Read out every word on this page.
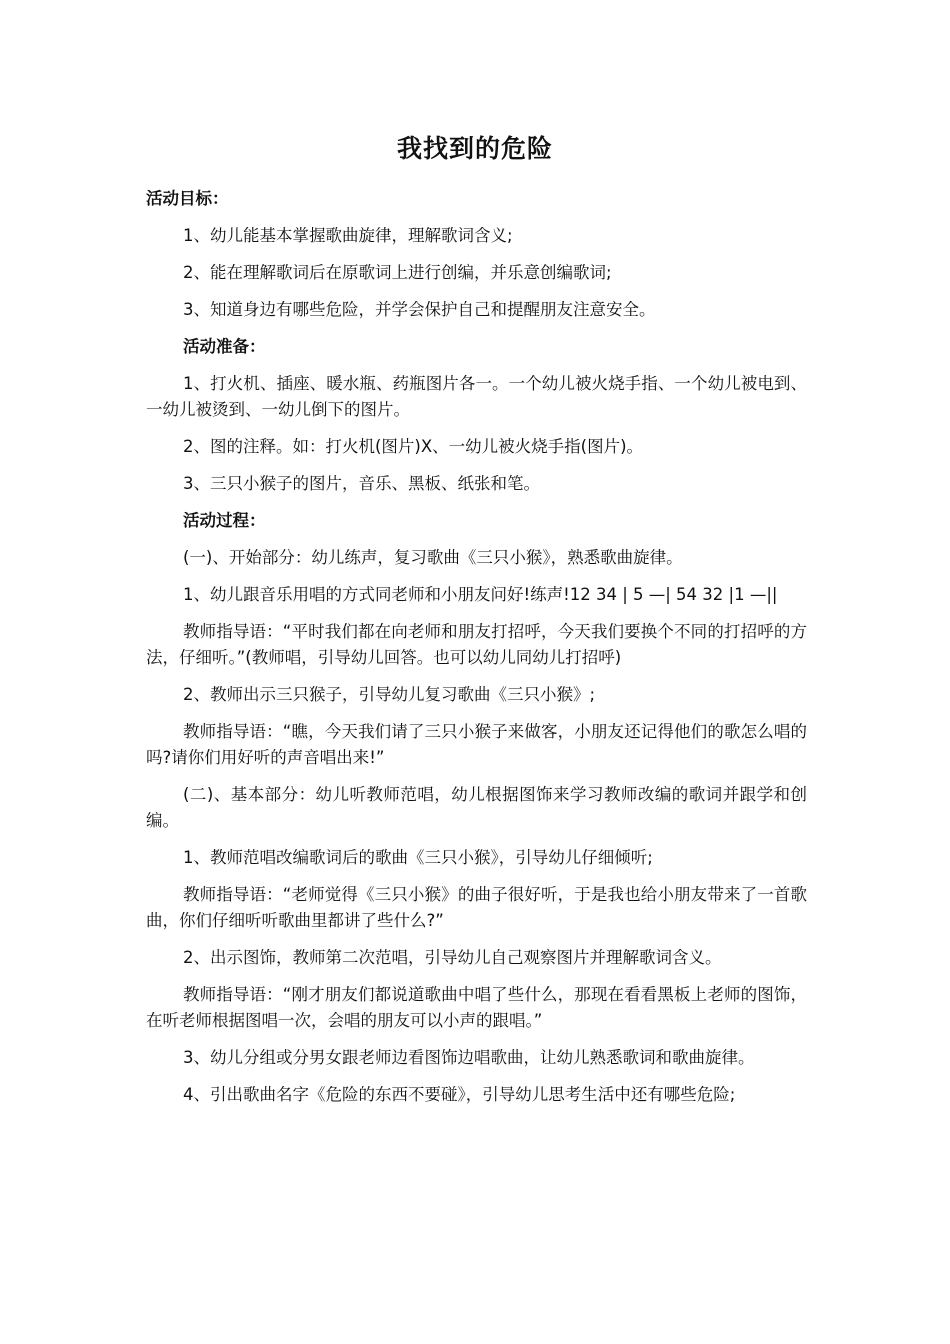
我找到的危险
活动目标：

1、幼儿能基本掌握歌曲旋律，理解歌词含义;

2、能在理解歌词后在原歌词上进行创编，并乐意创编歌词;

3、知道身边有哪些危险，并学会保护自己和提醒朋友注意安全。

活动准备：

1、打火机、插座、暖水瓶、药瓶图片各一。一个幼儿被火烧手指、一个幼儿被电到、一幼儿被烫到、一幼儿倒下的图片。

2、图的注释。如：打火机(图片)X、一幼儿被火烧手指(图片)。

3、三只小猴子的图片，音乐、黑板、纸张和笔。

活动过程：

(一)、开始部分：幼儿练声，复习歌曲《三只小猴》，熟悉歌曲旋律。

1、幼儿跟音乐用唱的方式同老师和小朋友问好!练声!12 34 | 5 —| 54 32 |1 —||

教师指导语：“平时我们都在向老师和朋友打招呼，今天我们要换个不同的打招呼的方法，仔细听。”(教师唱，引导幼儿回答。也可以幼儿同幼儿打招呼)

2、教师出示三只猴子，引导幼儿复习歌曲《三只小猴》;

教师指导语：“瞧，今天我们请了三只小猴子来做客，小朋友还记得他们的歌怎么唱的吗?请你们用好听的声音唱出来!”

(二)、基本部分：幼儿听教师范唱，幼儿根据图饰来学习教师改编的歌词并跟学和创编。

1、教师范唱改编歌词后的歌曲《三只小猴》，引导幼儿仔细倾听;

教师指导语：“老师觉得《三只小猴》的曲子很好听，于是我也给小朋友带来了一首歌曲，你们仔细听听歌曲里都讲了些什么?”

2、出示图饰，教师第二次范唱，引导幼儿自己观察图片并理解歌词含义。

教师指导语：“刚才朋友们都说道歌曲中唱了些什么，那现在看看黑板上老师的图饰，在听老师根据图唱一次，会唱的朋友可以小声的跟唱。”

3、幼儿分组或分男女跟老师边看图饰边唱歌曲，让幼儿熟悉歌词和歌曲旋律。

4、引出歌曲名字《危险的东西不要碰》，引导幼儿思考生活中还有哪些危险;
